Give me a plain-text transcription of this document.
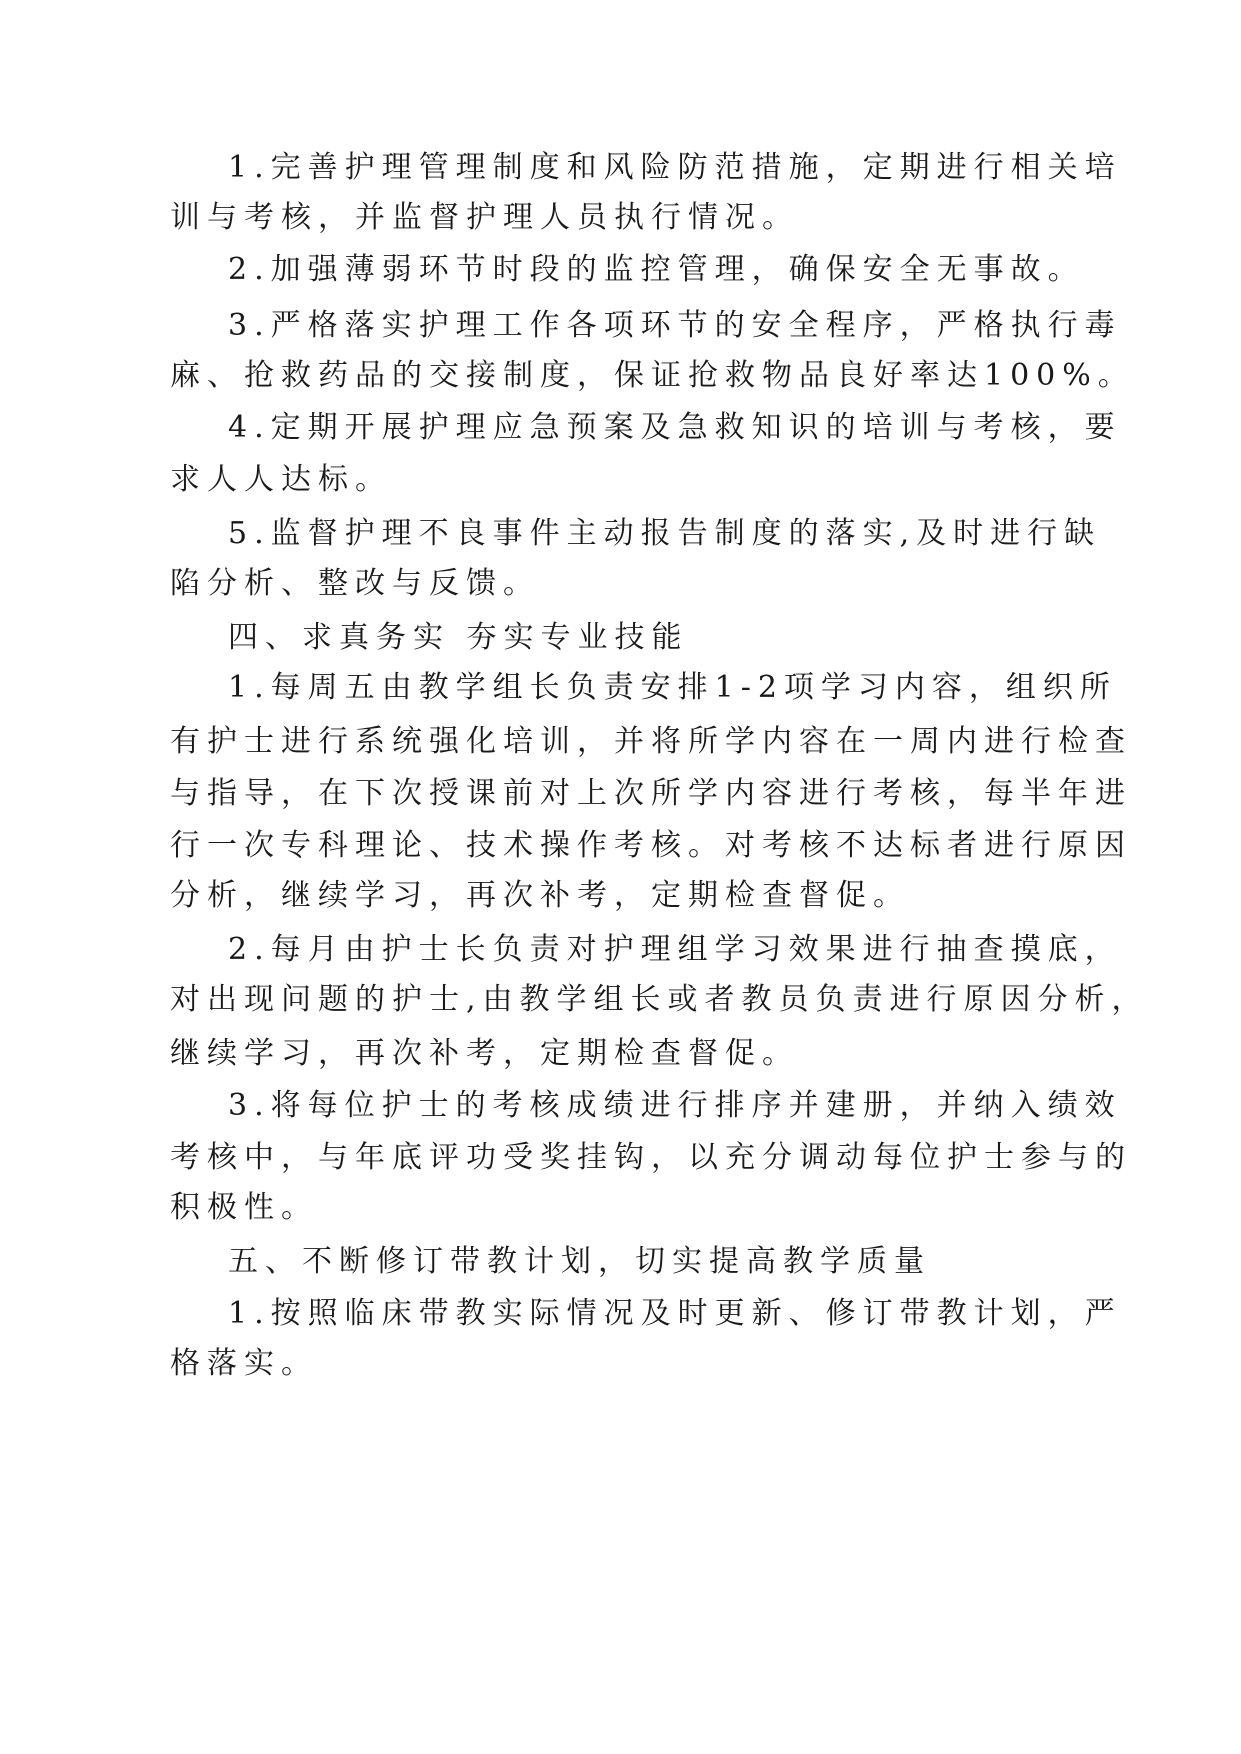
1.完善护理管理制度和风险防范措施，定期进行相关培
训与考核，并监督护理人员执行情况。
2.加强薄弱环节时段的监控管理，确保安全无事故。
3.严格落实护理工作各项环节的安全程序，严格执行毒
麻、抢救药品的交接制度，保证抢救物品良好率达100%。
4.定期开展护理应急预案及急救知识的培训与考核，要
求人人达标。
5.监督护理不良事件主动报告制度的落实,及时进行缺
陷分析、整改与反馈。
四、求真务实 夯实专业技能
1.每周五由教学组长负责安排1-2项学习内容，组织所
有护士进行系统强化培训，并将所学内容在一周内进行检查
与指导，在下次授课前对上次所学内容进行考核，每半年进
行一次专科理论、技术操作考核。对考核不达标者进行原因
分析，继续学习，再次补考，定期检查督促。
2.每月由护士长负责对护理组学习效果进行抽查摸底，
对出现问题的护士,由教学组长或者教员负责进行原因分析，
继续学习，再次补考，定期检查督促。
3.将每位护士的考核成绩进行排序并建册，并纳入绩效
考核中，与年底评功受奖挂钩，以充分调动每位护士参与的
积极性。
五、不断修订带教计划，切实提高教学质量
1.按照临床带教实际情况及时更新、修订带教计划，严
格落实。
